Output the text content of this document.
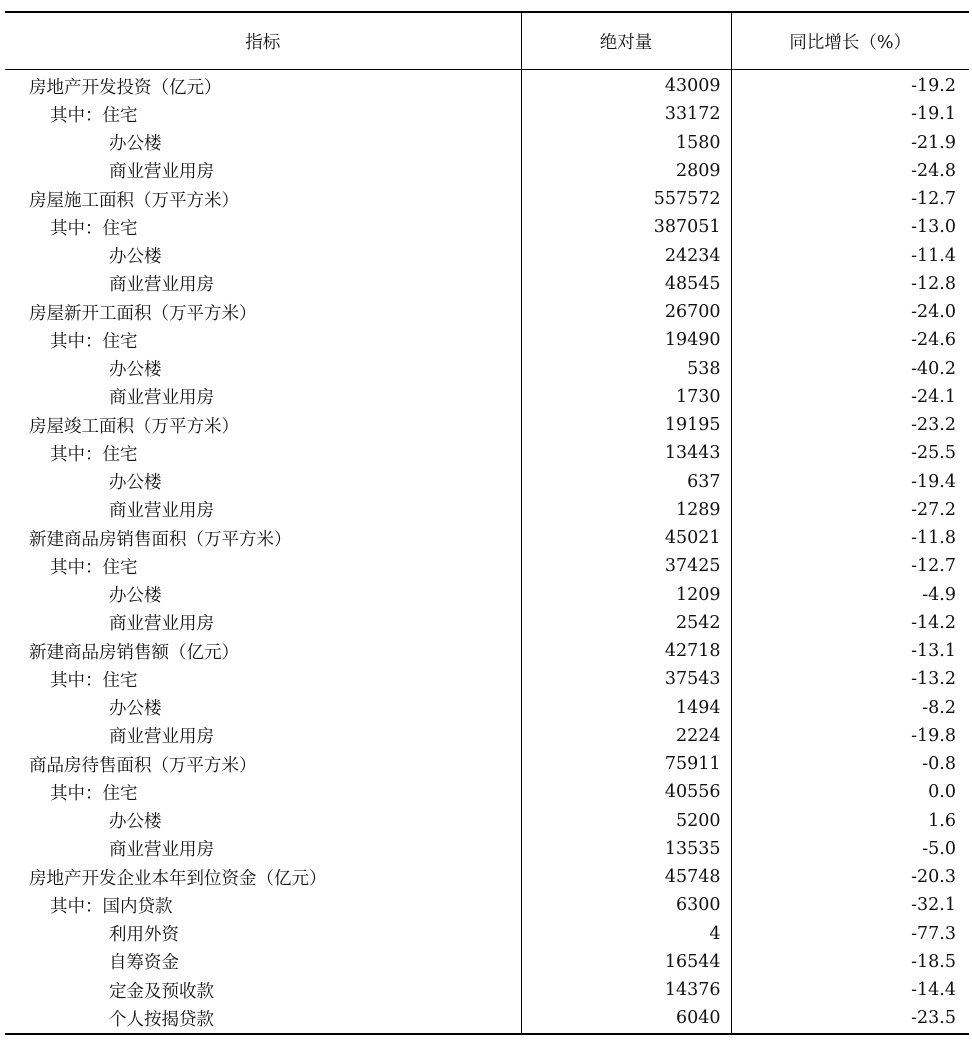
指标	绝对量	同比增长（%）
房地产开发投资（亿元）	43009	-19.2
其中：住宅	33172	-19.1
办公楼	1580	-21.9
商业营业用房	2809	-24.8
房屋施工面积（万平方米）	557572	-12.7
其中：住宅	387051	-13.0
办公楼	24234	-11.4
商业营业用房	48545	-12.8
房屋新开工面积（万平方米）	26700	-24.0
其中：住宅	19490	-24.6
办公楼	538	-40.2
商业营业用房	1730	-24.1
房屋竣工面积（万平方米）	19195	-23.2
其中：住宅	13443	-25.5
办公楼	637	-19.4
商业营业用房	1289	-27.2
新建商品房销售面积（万平方米）	45021	-11.8
其中：住宅	37425	-12.7
办公楼	1209	-4.9
商业营业用房	2542	-14.2
新建商品房销售额（亿元）	42718	-13.1
其中：住宅	37543	-13.2
办公楼	1494	-8.2
商业营业用房	2224	-19.8
商品房待售面积（万平方米）	75911	-0.8
其中：住宅	40556	0.0
办公楼	5200	1.6
商业营业用房	13535	-5.0
房地产开发企业本年到位资金（亿元）	45748	-20.3
其中：国内贷款	6300	-32.1
利用外资	4	-77.3
自筹资金	16544	-18.5
定金及预收款	14376	-14.4
个人按揭贷款	6040	-23.5
